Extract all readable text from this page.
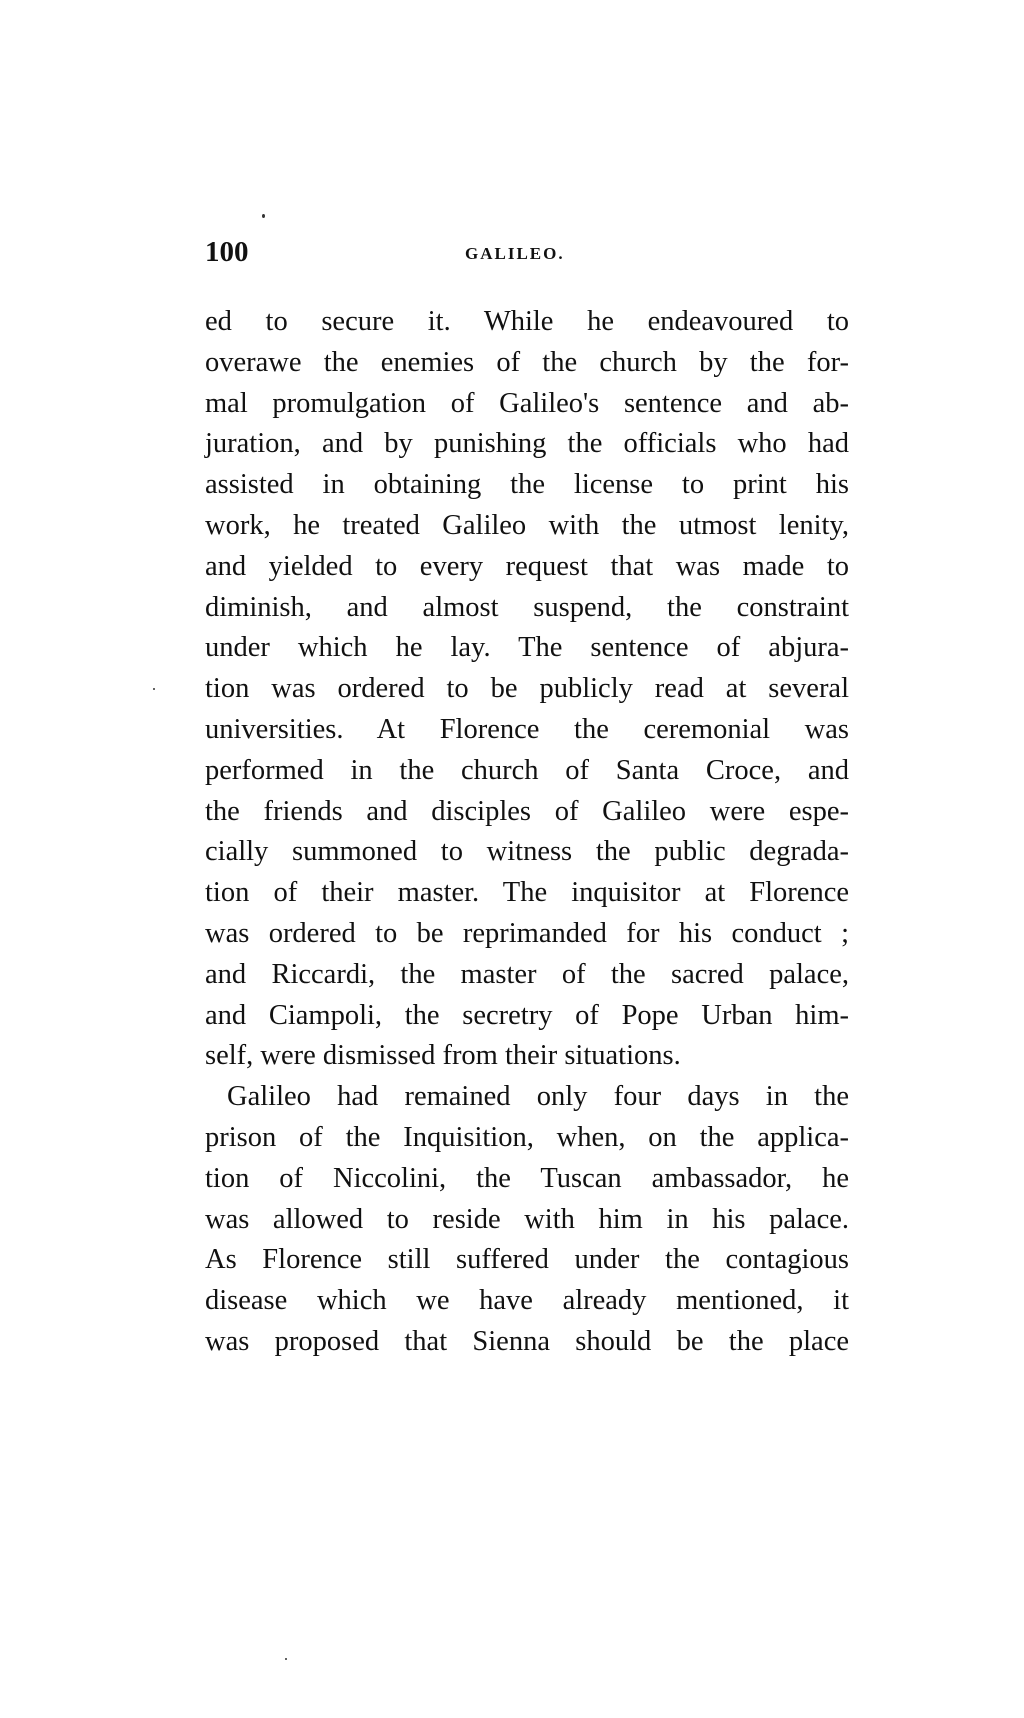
100	GALILEO.
ed to secure it. While he endeavoured to
overawe the enemies of the church by the for-
mal promulgation of Galileo's sentence and ab-
juration, and by punishing the officials who had
assisted in obtaining the license to print his
work, he treated Galileo with the utmost lenity,
and yielded to every request that was made to
diminish, and almost suspend, the constraint
under which he lay. The sentence of abjura-
tion was ordered to be publicly read at several
universities. At Florence the ceremonial was
performed in the church of Santa Croce, and
the friends and disciples of Galileo were espe-
cially summoned to witness the public degrada-
tion of their master. The inquisitor at Florence
was ordered to be reprimanded for his conduct ;
and Riccardi, the master of the sacred palace,
and Ciampoli, the secretry of Pope Urban him-
self, were dismissed from their situations.
Galileo had remained only four days in the
prison of the Inquisition, when, on the applica-
tion of Niccolini, the Tuscan ambassador, he
was allowed to reside with him in his palace.
As Florence still suffered under the contagious
disease which we have already mentioned, it
was proposed that Sienna should be the place
